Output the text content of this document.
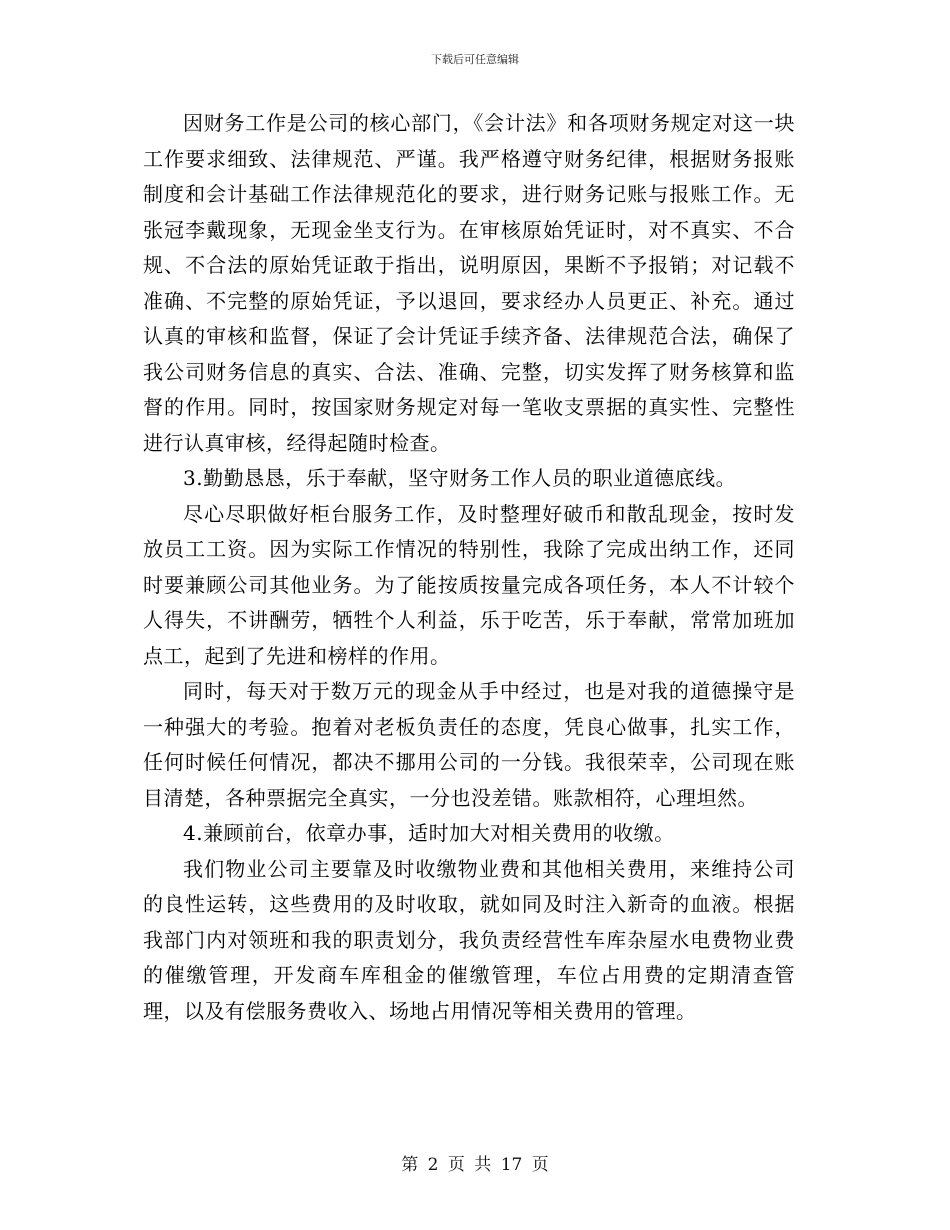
下载后可任意编辑

因财务工作是公司的核心部门，《会计法》和各项财务规定对这一块工作要求细致、法律规范、严谨。我严格遵守财务纪律，根据财务报账制度和会计基础工作法律规范化的要求，进行财务记账与报账工作。无张冠李戴现象，无现金坐支行为。在审核原始凭证时，对不真实、不合规、不合法的原始凭证敢于指出，说明原因，果断不予报销；对记载不准确、不完整的原始凭证，予以退回，要求经办人员更正、补充。通过认真的审核和监督，保证了会计凭证手续齐备、法律规范合法，确保了我公司财务信息的真实、合法、准确、完整，切实发挥了财务核算和监督的作用。同时，按国家财务规定对每一笔收支票据的真实性、完整性进行认真审核，经得起随时检查。

3.勤勤恳恳，乐于奉献，坚守财务工作人员的职业道德底线。

尽心尽职做好柜台服务工作，及时整理好破币和散乱现金，按时发放员工工资。因为实际工作情况的特别性，我除了完成出纳工作，还同时要兼顾公司其他业务。为了能按质按量完成各项任务，本人不计较个人得失，不讲酬劳，牺牲个人利益，乐于吃苦，乐于奉献，常常加班加点工，起到了先进和榜样的作用。

同时，每天对于数万元的现金从手中经过，也是对我的道德操守是一种强大的考验。抱着对老板负责任的态度，凭良心做事，扎实工作，任何时候任何情况，都决不挪用公司的一分钱。我很荣幸，公司现在账目清楚，各种票据完全真实，一分也没差错。账款相符，心理坦然。

4.兼顾前台，依章办事，适时加大对相关费用的收缴。

我们物业公司主要靠及时收缴物业费和其他相关费用，来维持公司的良性运转，这些费用的及时收取，就如同及时注入新奇的血液。根据我部门内对领班和我的职责划分，我负责经营性车库杂屋水电费物业费的催缴管理，开发商车库租金的催缴管理，车位占用费的定期清查管理，以及有偿服务费收入、场地占用情况等相关费用的管理。

第 2 页 共 17 页
